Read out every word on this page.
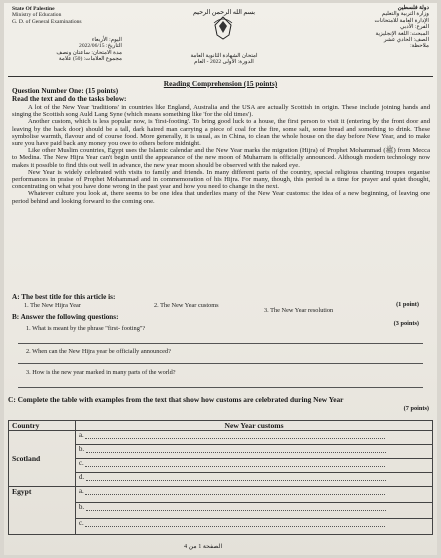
State Of Palestine
Ministry of Education
G. D. of General Examinations
بسم الله الرحمن الرحيم
دولة فلسطين
وزارة التربية والتعليم
الإدارة العامة للامتحانات
الفرع: الأدبي
المبحث: اللغة الإنجليزية
الصف: الحادي عشر
ملاحظة:
اليوم: الأربعاء
التاريخ: 2022/06/15
مدة الامتحان: ساعتان ونصف
مجموع العلامات: (50) علامة
امتحان الشهادة الثانوية العامة
الدورة: الأولى 2022 - العام
Reading Comprehension (15 points)
Question Number One: (15 points)
Read the text and do the tasks below:

A lot of the New Year 'traditions' in countries like England, Australia and the USA are actually Scottish in origin. These include joining hands and singing the Scottish song Auld Lang Syne (which means something like 'for the old times').

Another custom, which is less popular now, is 'first-footing'. To bring good luck to a house, the first person to visit it (entering by the front door and leaving by the back door) should be a tall, dark haired man carrying a piece of coal for the fire, some salt, some bread and something to drink. These symbolise warmth, flavour and of course food. More generally, it is usual, as in China, to clean the whole house on the day before New Year, and to make sure you have paid back any money you owe to others before midnight.

Like other Muslim countries, Egypt uses the Islamic calendar and the New Year marks the migration (Hijra) of Prophet Mohammad (ﷺ) from Mecca to Medina. The New Hijra Year can't begin until the appearance of the new moon of Muharram is officially announced. Although modern technology now makes it possible to find this out well in advance, the new year moon should be observed with the naked eye.

New Year is widely celebrated with visits to family and friends. In many different parts of the country, special religious chanting troupes organise performances in praise of Prophet Mohammad and in commemoration of his Hijra. For many, though, this period is a time for prayer and quiet thought, concentrating on what you have done wrong in the past year and how you need to change in the next.

Whatever culture you look at, there seems to be one idea that underlies many of the New Year customs: the idea of a new beginning, of leaving one period behind and looking forward to the coming one.

A: The best title for this article is:
1. The New Hijra Year	2. The New Year customs
3. The New Year resolution
(1 point)
B: Answer the following questions:
(3 points)
1. What is meant by the phrase "first- footing"?
2. When can the New Hijra year be officially announced?
3. How is the new year marked in many parts of the world?
C: Complete the table with examples from the text that show how customs are celebrated during New Year
(7 points)
Country	New Year customs
Scotland	a.
	b.
	c.
	d.
Egypt	a.
	b.
	c.
الصفحة 1 من 4
